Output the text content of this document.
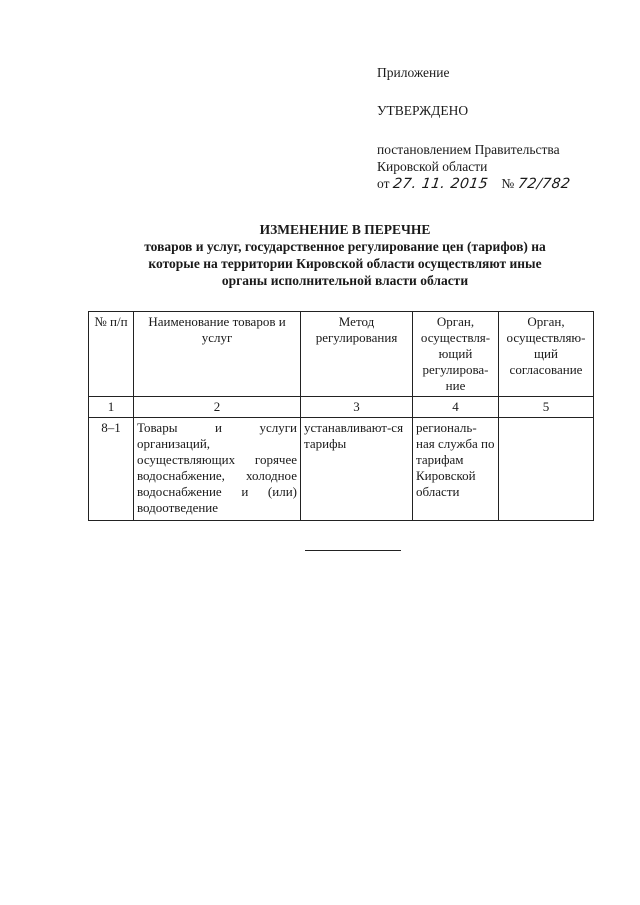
Приложение
УТВЕРЖДЕНО
постановлением Правительства
Кировской области
от 27. 11. 2015 № 72/782
ИЗМЕНЕНИЕ В ПЕРЕЧНЕ
товаров и услуг, государственное регулирование цен (тарифов) на
которые на территории Кировской области осуществляют иные
органы исполнительной власти области
№ п/п	Наименование товаров и услуг	Метод регулирования	Орган, осуществля-ющий регулирова-ние	Орган, осуществляю-щий согласование
1	2	3	4	5
8–1	Товары и услуги организаций, осуществляющих горячее водоснабжение, холодное водоснабжение и (или) водоотведение	устанавливают-ся тарифы	региональ-ная служба по тарифам Кировской области	
